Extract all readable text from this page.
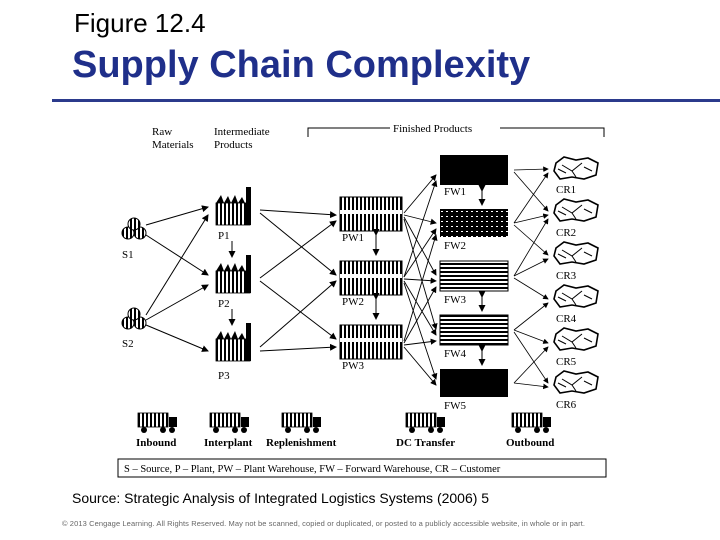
Figure 12.4
Supply Chain Complexity
Raw
Materials
Intermediate
Products
Finished Products
S1
S2
P1
P2
P3
PW1
PW2
PW3
FW1
FW2
FW3
FW4
FW5
CR1
CR2
CR3
CR4
CR5
CR6
Inbound	Interplant Replenishment	DC Transfer	Outbound
S – Source, P – Plant, PW – Plant Warehouse, FW – Forward Warehouse, CR – Customer
Source: Strategic Analysis of Integrated Logistics Systems (2006) 5
© 2013 Cengage Learning. All Rights Reserved. May not be scanned, copied or duplicated, or posted to a publicly accessible website, in whole or in part.
